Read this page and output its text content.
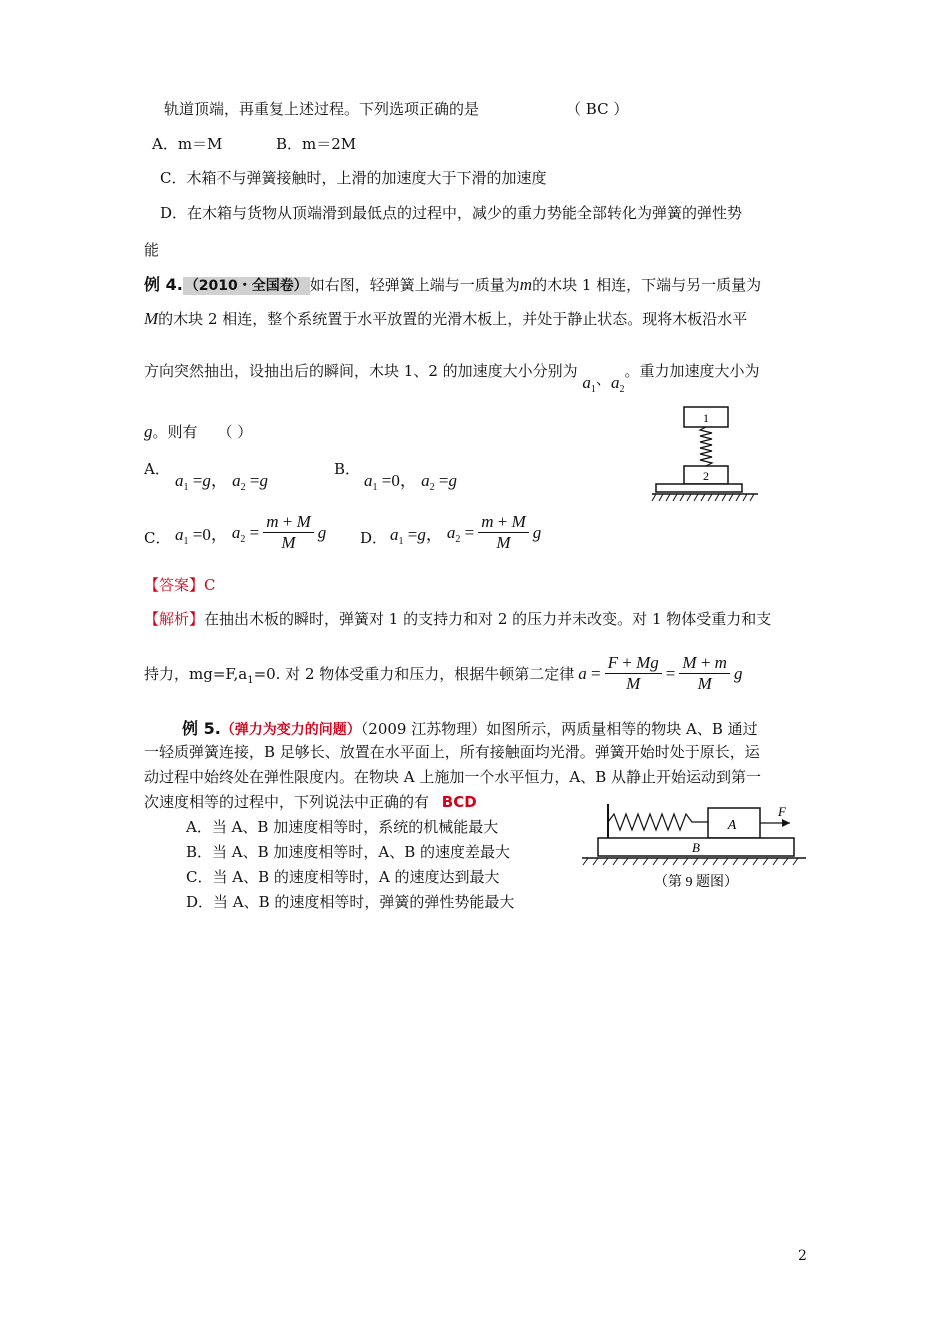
轨道顶端，再重复上述过程。下列选项正确的是	（ BC ）
A．m＝M	B．m＝2M
C．木箱不与弹簧接触时，上滑的加速度大于下滑的加速度
D．在木箱与货物从顶端滑到最低点的过程中，减少的重力势能全部转化为弹簧的弹性势
能
例 4. （2010・全国卷） 如右图，轻弹簧上端与一质量为m的木块 1 相连，下端与另一质量为
M的木块 2 相连，整个系统置于水平放置的光滑木板上，并处于静止状态。现将木板沿水平
方向突然抽出，设抽出后的瞬间，木块 1、2 的加速度大小分别为 $a_1$、$a_2$。重力加速度大小为
g。则有 （ ）
A．
$a_1 =g$， $a_2 =g$
B．
$a_1 =0$， $a_2 =g$
C． $a_1 =0$， $a_2 = \frac{m + M}{M}$ g D． $a_1 =g$， $a_2 = \frac{m + M}{M}$ g
1
2
【答案】C
【解析】在抽出木板的瞬时，弹簧对 1 的支持力和对 2 的压力并未改变。对 1 物体受重力和支
持力，$mg=F,a_1=0$. 对 2 物体受重力和压力，根据牛顿第二定律 $a = \frac{F + Mg}{M} = \frac{M + m}{M}$ g
例 5.（弹力为变力的问题）（2009 江苏物理）如图所示，两质量相等的物块 A、B 通过
一轻质弹簧连接，B 足够长、放置在水平面上，所有接触面均光滑。弹簧开始时处于原长，运
动过程中始终处在弹性限度内。在物块 A 上施加一个水平恒力，A、B 从静止开始运动到第一
次速度相等的过程中，下列说法中正确的有 BCD
A．当 A、B 加速度相等时，系统的机械能最大
B．当 A、B 加速度相等时，A、B 的速度差最大
C．当 A、B 的速度相等时，A 的速度达到最大
D．当 A、B 的速度相等时，弹簧的弹性势能最大
A
F
B
（第 9 题图）
2
